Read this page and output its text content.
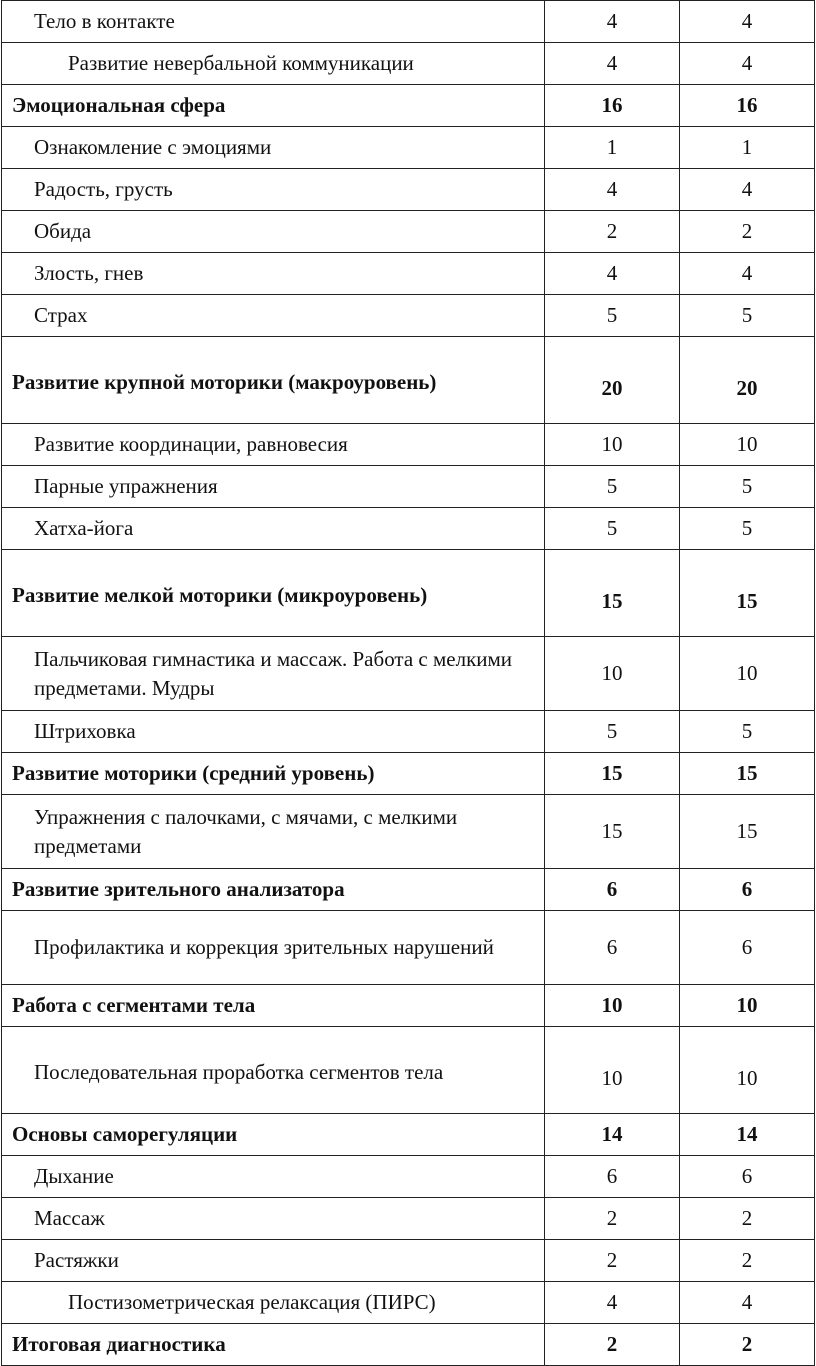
Тело в контакте	4	4
Развитие невербальной коммуникации	4	4
Эмоциональная сфера	16	16
Ознакомление с эмоциями	1	1
Радость, грусть	4	4
Обида	2	2
Злость, гнев	4	4
Страх	5	5
Развитие крупной моторики (макроуровень)	20	20
Развитие координации, равновесия	10	10
Парные упражнения	5	5
Хатха-йога	5	5
Развитие мелкой моторики (микроуровень)	15	15
Пальчиковая гимнастика и массаж. Работа с мелкими предметами. Мудры	10	10
Штриховка	5	5
Развитие моторики (средний уровень)	15	15
Упражнения с палочками, с мячами, с мелкими предметами	15	15
Развитие зрительного анализатора	6	6
Профилактика и коррекция зрительных нарушений	6	6
Работа с сегментами тела	10	10
Последовательная проработка сегментов тела	10	10
Основы саморегуляции	14	14
Дыхание	6	6
Массаж	2	2
Растяжки	2	2
Постизометрическая релаксация (ПИРС)	4	4
Итоговая диагностика	2	2
